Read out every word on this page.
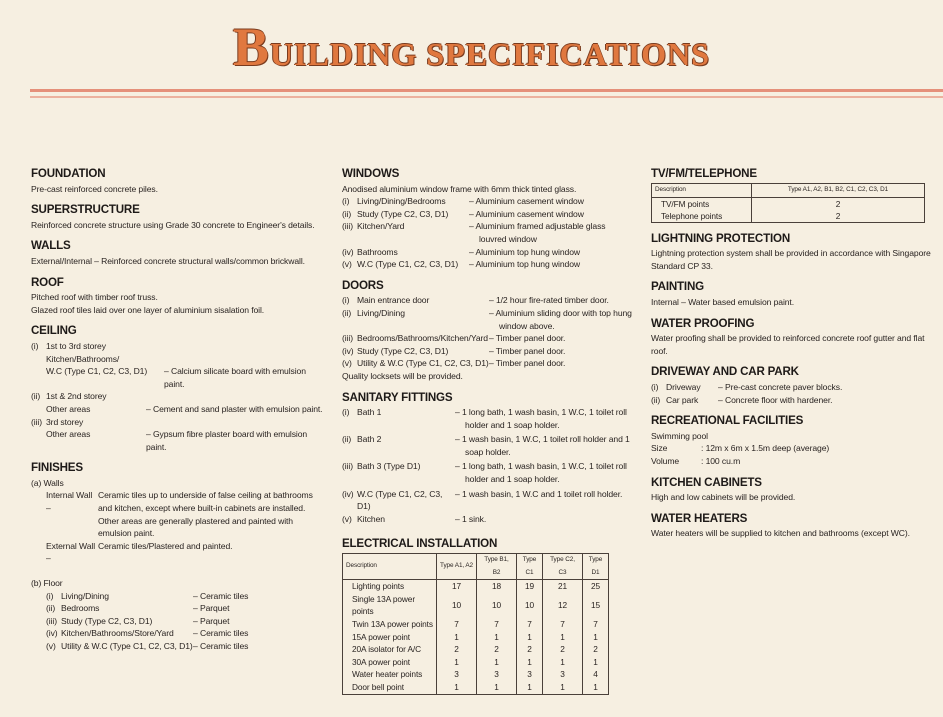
BUILDING SPECIFICATIONS
FOUNDATION
Pre-cast reinforced concrete piles.
SUPERSTRUCTURE
Reinforced concrete structure using Grade 30 concrete to Engineer's details.
WALLS
External/Internal – Reinforced concrete structural walls/common brickwall.
ROOF
Pitched roof with timber roof truss.
Glazed roof tiles laid over one layer of aluminium sisalation foil.
CEILING
(i) 1st to 3rd storey
Kitchen/Bathrooms/
W.C (Type C1, C2, C3, D1)	– Calcium silicate board with emulsion paint.
(ii) 1st & 2nd storey
Other areas	– Cement and sand plaster with emulsion paint.
(iii) 3rd storey
Other areas	– Gypsum fibre plaster board with emulsion paint.
FINISHES
(a) Walls
Internal Wall –
Ceramic tiles up to underside of false ceiling at bathrooms and kitchen, except where built-in cabinets are installed. Other areas are generally plastered and painted with emulsion paint.
External Wall –
Ceramic tiles/Plastered and painted.
(b) Floor
(i) Living/Dining	– Ceramic tiles
(ii) Bedrooms	– Parquet
(iii) Study (Type C2, C3, D1)	– Parquet
(iv) Kitchen/Bathrooms/Store/Yard	– Ceramic tiles
(v) Utility & W.C (Type C1, C2, C3, D1) – Ceramic tiles
WINDOWS
Anodised aluminium window frame with 6mm thick tinted glass.
(i) Living/Dining/Bedrooms	– Aluminium casement window
(ii) Study (Type C2, C3, D1)	– Aluminium casement window
(iii) Kitchen/Yard	– Aluminium framed adjustable glass louvred window
(iv) Bathrooms	– Aluminium top hung window
(v) W.C (Type C1, C2, C3, D1)	– Aluminium top hung window
DOORS
(i) Main entrance door	– 1/2 hour fire-rated timber door.
(ii) Living/Dining	– Aluminium sliding door with top hung window above.
(iii) Bedrooms/Bathrooms/Kitchen/Yard – Timber panel door.
(iv) Study (Type C2, C3, D1)	– Timber panel door.
(v) Utility & W.C (Type C1, C2, C3, D1) – Timber panel door.
Quality locksets will be provided.
SANITARY FITTINGS
(i) Bath 1	– 1 long bath, 1 wash basin, 1 W.C, 1 toilet roll holder and 1 soap holder.
(ii) Bath 2	– 1 wash basin, 1 W.C, 1 toilet roll holder and 1 soap holder.
(iii) Bath 3 (Type D1)	– 1 long bath, 1 wash basin, 1 W.C, 1 toilet roll holder and 1 soap holder.
(iv) W.C (Type C1, C2, C3, D1)
– 1 wash basin, 1 W.C and 1 toilet roll holder.
(v) Kitchen	– 1 sink.
ELECTRICAL INSTALLATION
Description	Type A1, A2	Type B1, B2	Type C1	Type C2, C3	Type D1
Lighting points	17	18	19	21	25
Single 13A power points	10	10	10	12	15
Twin 13A power points	7	7	7	7	7
15A power point	1	1	1	1	1
20A isolator for A/C	2	2	2	2	2
30A power point	1	1	1	1	1
Water heater points	3	3	3	3	4
Door bell point	1	1	1	1	1
TV/FM/TELEPHONE
Description	Type A1, A2, B1, B2, C1, C2, C3, D1
TV/FM points	2
Telephone points	2
LIGHTNING PROTECTION
Lightning protection system shall be provided in accordance with Singapore Standard CP 33.
PAINTING
Internal – Water based emulsion paint.
WATER PROOFING
Water proofing shall be provided to reinforced concrete roof gutter and flat roof.
DRIVEWAY AND CAR PARK
(i) Driveway	– Pre-cast concrete paver blocks.
(ii) Car park	– Concrete floor with hardener.
RECREATIONAL FACILITIES
Swimming pool
Size	: 12m x 6m x 1.5m deep (average)
Volume	: 100 cu.m
KITCHEN CABINETS
High and low cabinets will be provided.
WATER HEATERS
Water heaters will be supplied to kitchen and bathrooms (except WC).
